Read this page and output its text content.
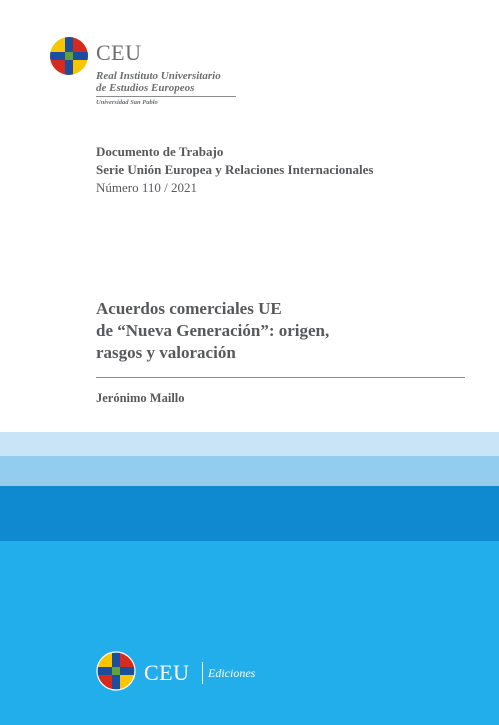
CEU
Real Instituto Universitario
de Estudios Europeos
Universidad San Pablo
Documento de Trabajo
Serie Unión Europea y Relaciones Internacionales
Número 110 / 2021
Acuerdos comerciales UE
de “Nueva Generación”: origen,
rasgos y valoración
Jerónimo Maillo
CEU Ediciones
